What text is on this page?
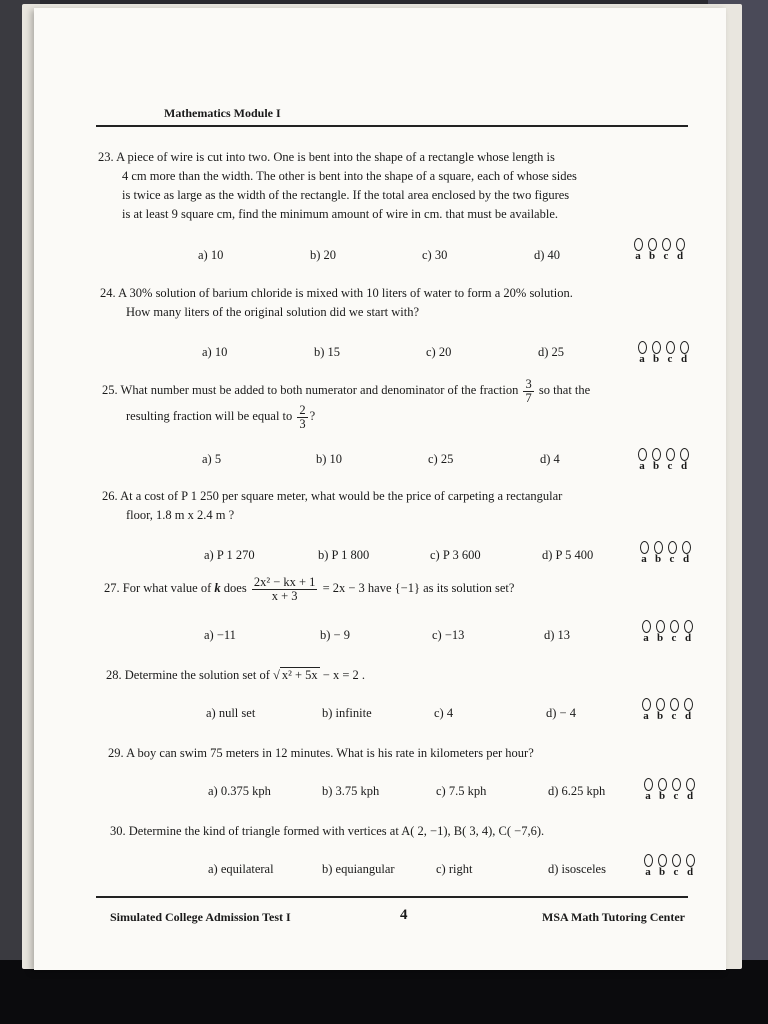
Mathematics Module I
23. A piece of wire is cut into two. One is bent into the shape of a rectangle whose length is
4 cm more than the width. The other is bent into the shape of a square, each of whose sides
is twice as large as the width of the rectangle. If the total area enclosed by the two figures
is at least 9 square cm, find the minimum amount of wire in cm. that must be available.
a) 10	b) 20	c) 30	d) 40	a b c d
24. A 30% solution of barium chloride is mixed with 10 liters of water to form a 20% solution.
How many liters of the original solution did we start with?
a) 10	b) 15	c) 20	d) 25	a b c d
25. What number must be added to both numerator and denominator of the fraction $\frac{3}{7}$ so that the
resulting fraction will be equal to $\frac{2}{3}$ ?
a) 5	b) 10	c) 25	d) 4	a b c d
26. At a cost of P 1 250 per square meter, what would be the price of carpeting a rectangular
floor, 1.8 m x 2.4 m ?
a) P 1 270	b) P 1 800	c) P 3 600	d) P 5 400	a b c d
27. For what value of k does $\frac{\text{2x² − kx + 1}}{x + 3} = 2x - 3$ have {−1} as its solution set?
a) −11	b) − 9	c) −13	d) 13	a b c d
28. Determine the solution set of √ x² + 5x − x = 2 .
a) null set	b) infinite	c) 4	d) − 4	a b c d
29. A boy can swim 75 meters in 12 minutes. What is his rate in kilometers per hour?
a) 0.375 kph	b) 3.75 kph	c) 7.5 kph	d) 6.25 kph	a b c d
30. Determine the kind of triangle formed with vertices at A( 2, −1), B( 3, 4), C( −7,6).
a) equilateral	b) equiangular	c) right	d) isosceles	a b c d
Simulated College Admission Test I	4	MSA Math Tutoring Center
